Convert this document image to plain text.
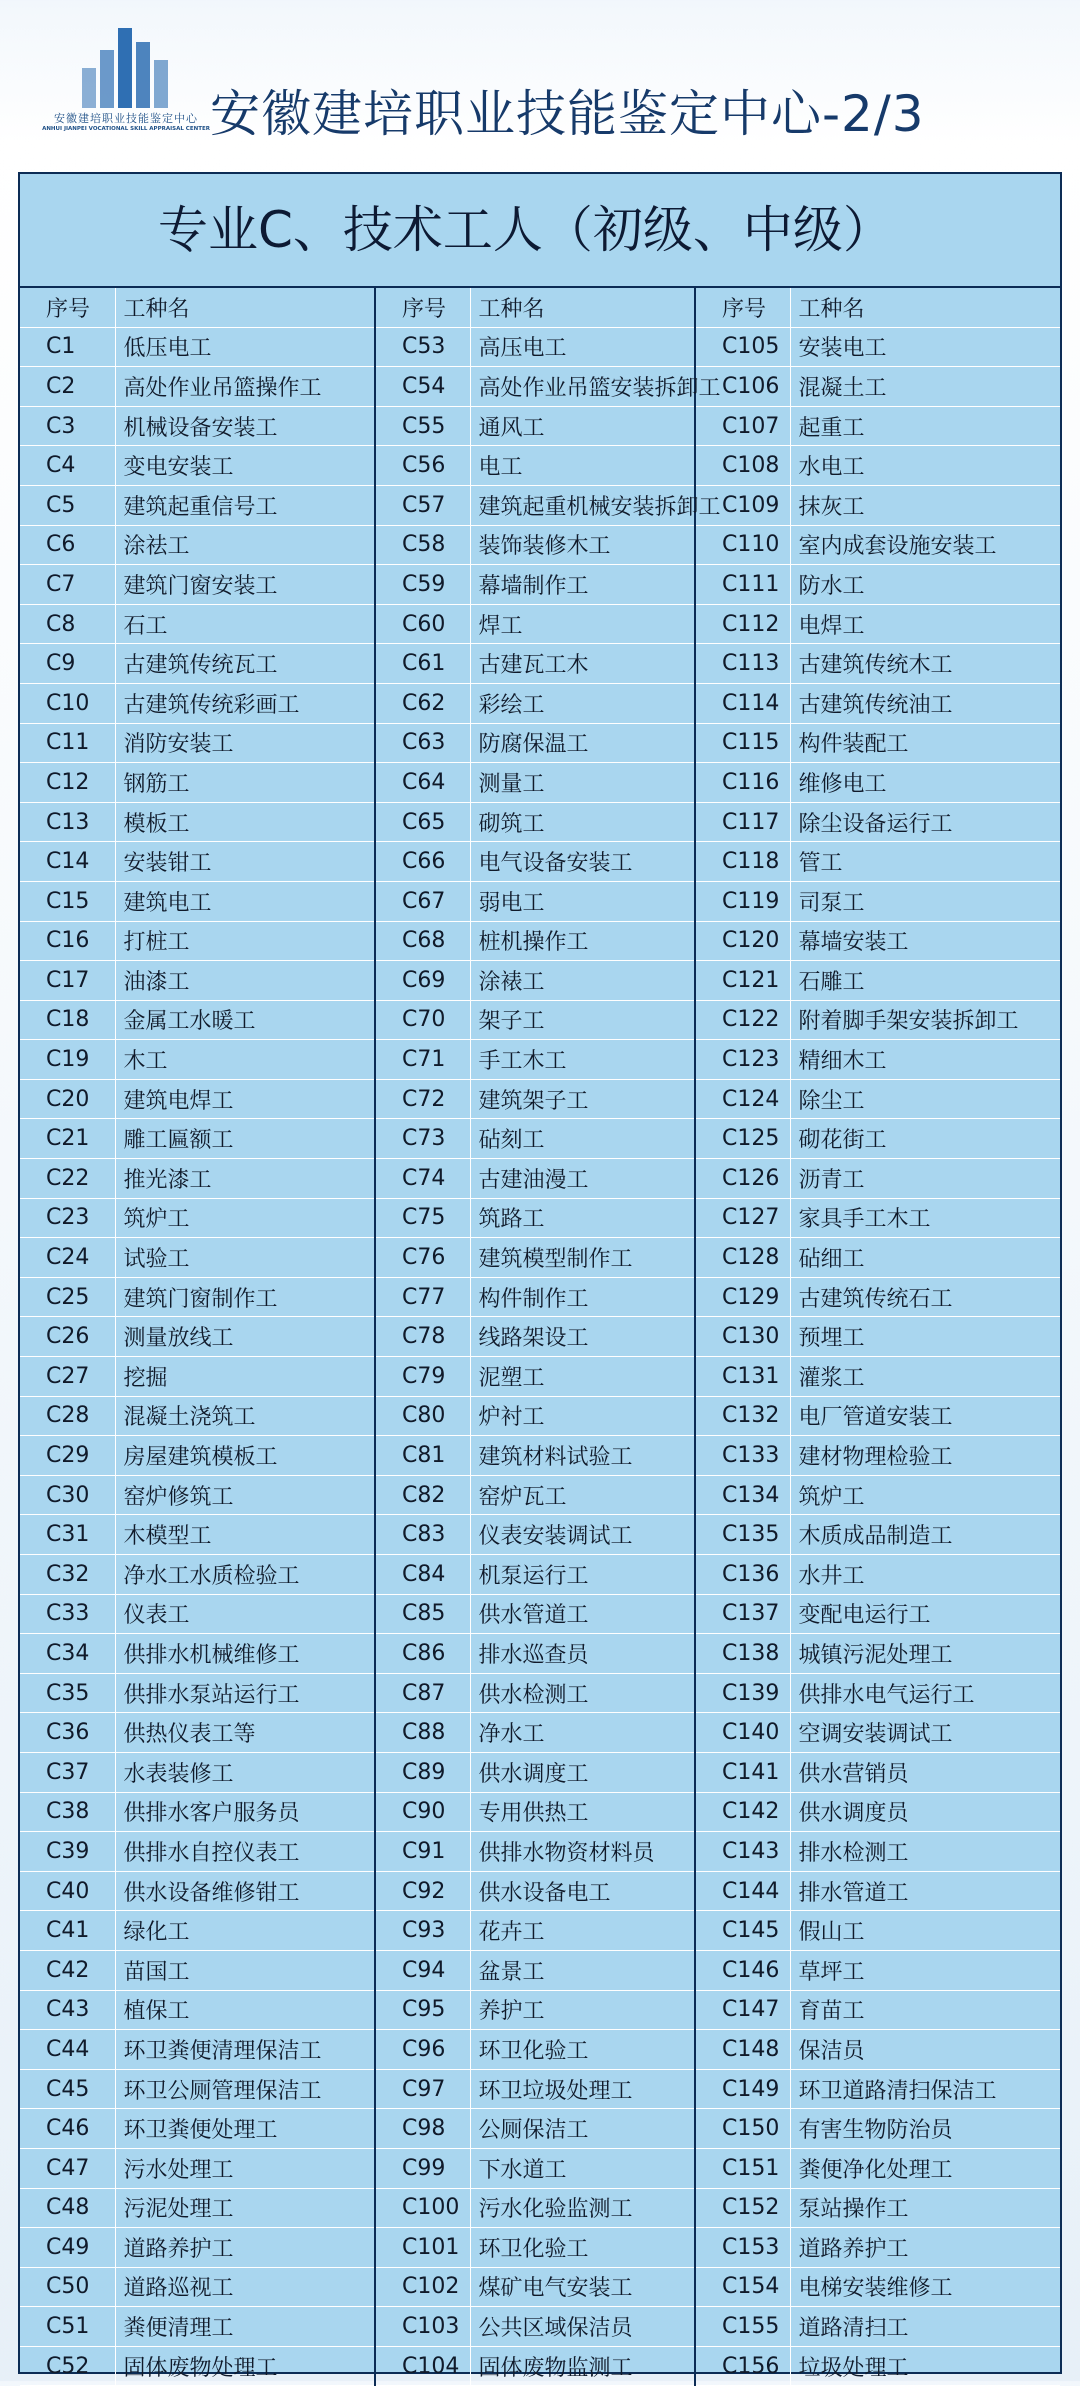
安徽建培职业技能鉴定中心
ANHUI JIANPEI VOCATIONAL SKILL APPRAISAL CENTER 安徽建培职业技能鉴定中心-2/3
专业C、技术工人（初级、中级）
序号	工种名	序号	工种名	序号	工种名
C1	低压电工	C53	高压电工	C105	安装电工
C2	高处作业吊篮操作工	C54	高处作业吊篮安装拆卸工	C106	混凝土工
C3	机械设备安装工	C55	通风工	C107	起重工
C4	变电安装工	C56	电工	C108	水电工
C5	建筑起重信号工	C57	建筑起重机械安装拆卸工	C109	抹灰工
C6	涂祛工	C58	装饰装修木工	C110	室内成套设施安装工
C7	建筑门窗安装工	C59	幕墙制作工	C111	防水工
C8	石工	C60	焊工	C112	电焊工
C9	古建筑传统瓦工	C61	古建瓦工木	C113	古建筑传统木工
C10	古建筑传统彩画工	C62	彩绘工	C114	古建筑传统油工
C11	消防安装工	C63	防腐保温工	C115	构件装配工
C12	钢筋工	C64	测量工	C116	维修电工
C13	模板工	C65	砌筑工	C117	除尘设备运行工
C14	安装钳工	C66	电气设备安装工	C118	管工
C15	建筑电工	C67	弱电工	C119	司泵工
C16	打桩工	C68	桩机操作工	C120	幕墙安装工
C17	油漆工	C69	涂裱工	C121	石雕工
C18	金属工水暖工	C70	架子工	C122	附着脚手架安装拆卸工
C19	木工	C71	手工木工	C123	精细木工
C20	建筑电焊工	C72	建筑架子工	C124	除尘工
C21	雕工匾额工	C73	砧刻工	C125	砌花街工
C22	推光漆工	C74	古建油漫工	C126	沥青工
C23	筑炉工	C75	筑路工	C127	家具手工木工
C24	试验工	C76	建筑模型制作工	C128	砧细工
C25	建筑门窗制作工	C77	构件制作工	C129	古建筑传统石工
C26	测量放线工	C78	线路架设工	C130	预埋工
C27	挖掘	C79	泥塑工	C131	灌浆工
C28	混凝土浇筑工	C80	炉衬工	C132	电厂管道安装工
C29	房屋建筑模板工	C81	建筑材料试验工	C133	建材物理检验工
C30	窑炉修筑工	C82	窑炉瓦工	C134	筑炉工
C31	木模型工	C83	仪表安装调试工	C135	木质成品制造工
C32	净水工水质检验工	C84	机泵运行工	C136	水井工
C33	仪表工	C85	供水管道工	C137	变配电运行工
C34	供排水机械维修工	C86	排水巡查员	C138	城镇污泥处理工
C35	供排水泵站运行工	C87	供水检测工	C139	供排水电气运行工
C36	供热仪表工等	C88	净水工	C140	空调安装调试工
C37	水表装修工	C89	供水调度工	C141	供水营销员
C38	供排水客户服务员	C90	专用供热工	C142	供水调度员
C39	供排水自控仪表工	C91	供排水物资材料员	C143	排水检测工
C40	供水设备维修钳工	C92	供水设备电工	C144	排水管道工
C41	绿化工	C93	花卉工	C145	假山工
C42	苗国工	C94	盆景工	C146	草坪工
C43	植保工	C95	养护工	C147	育苗工
C44	环卫粪便清理保洁工	C96	环卫化验工	C148	保洁员
C45	环卫公厕管理保洁工	C97	环卫垃圾处理工	C149	环卫道路清扫保洁工
C46	环卫粪便处理工	C98	公厕保洁工	C150	有害生物防治员
C47	污水处理工	C99	下水道工	C151	粪便净化处理工
C48	污泥处理工	C100	污水化验监测工	C152	泵站操作工
C49	道路养护工	C101	环卫化验工	C153	道路养护工
C50	道路巡视工	C102	煤矿电气安装工	C154	电梯安装维修工
C51	粪便清理工	C103	公共区域保洁员	C155	道路清扫工
C52	固体废物处理工	C104	固体废物监测工	C156	垃圾处理工
